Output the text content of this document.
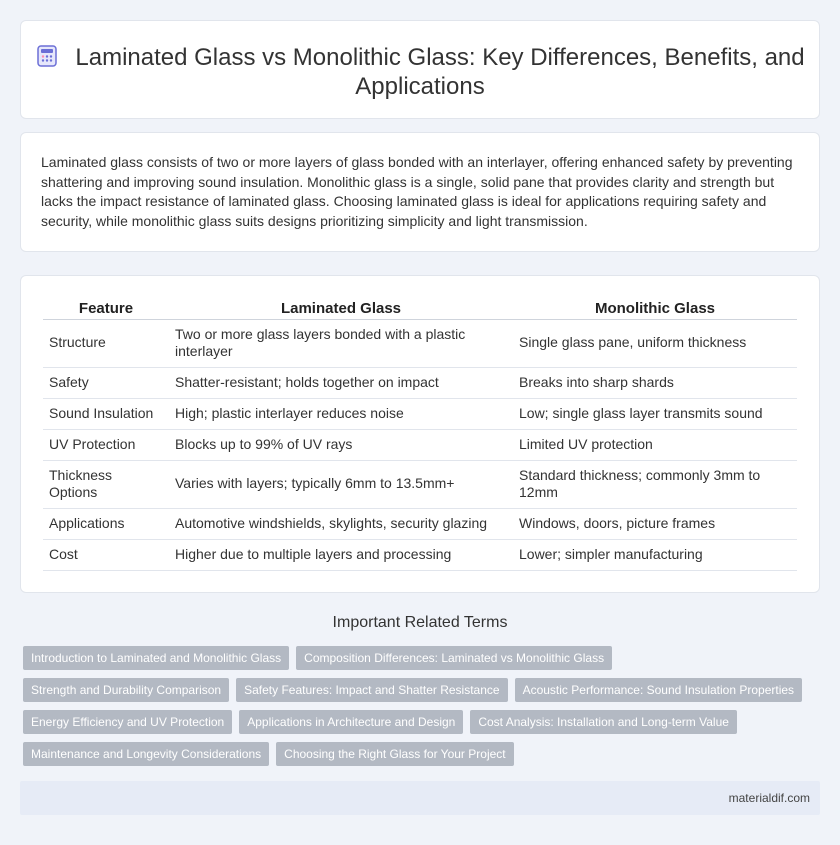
Laminated Glass vs Monolithic Glass: Key Differences, Benefits, and Applications

Laminated glass consists of two or more layers of glass bonded with an interlayer, offering enhanced safety by preventing shattering and improving sound insulation. Monolithic glass is a single, solid pane that provides clarity and strength but lacks the impact resistance of laminated glass. Choosing laminated glass is ideal for applications requiring safety and security, while monolithic glass suits designs prioritizing simplicity and light transmission.

Feature	Laminated Glass	Monolithic Glass
Structure	Two or more glass layers bonded with a plastic interlayer	Single glass pane, uniform thickness
Safety	Shatter-resistant; holds together on impact	Breaks into sharp shards
Sound Insulation	High; plastic interlayer reduces noise	Low; single glass layer transmits sound
UV Protection	Blocks up to 99% of UV rays	Limited UV protection
Thickness Options	Varies with layers; typically 6mm to 13.5mm+	Standard thickness; commonly 3mm to 12mm
Applications	Automotive windshields, skylights, security glazing	Windows, doors, picture frames
Cost	Higher due to multiple layers and processing	Lower; simpler manufacturing
Important Related Terms
Introduction to Laminated and Monolithic Glass	Composition Differences: Laminated vs Monolithic Glass
Strength and Durability Comparison	Safety Features: Impact and Shatter Resistance	Acoustic Performance: Sound Insulation Properties
Energy Efficiency and UV Protection	Applications in Architecture and Design	Cost Analysis: Installation and Long-term Value
Maintenance and Longevity Considerations	Choosing the Right Glass for Your Project
materialdif.com
